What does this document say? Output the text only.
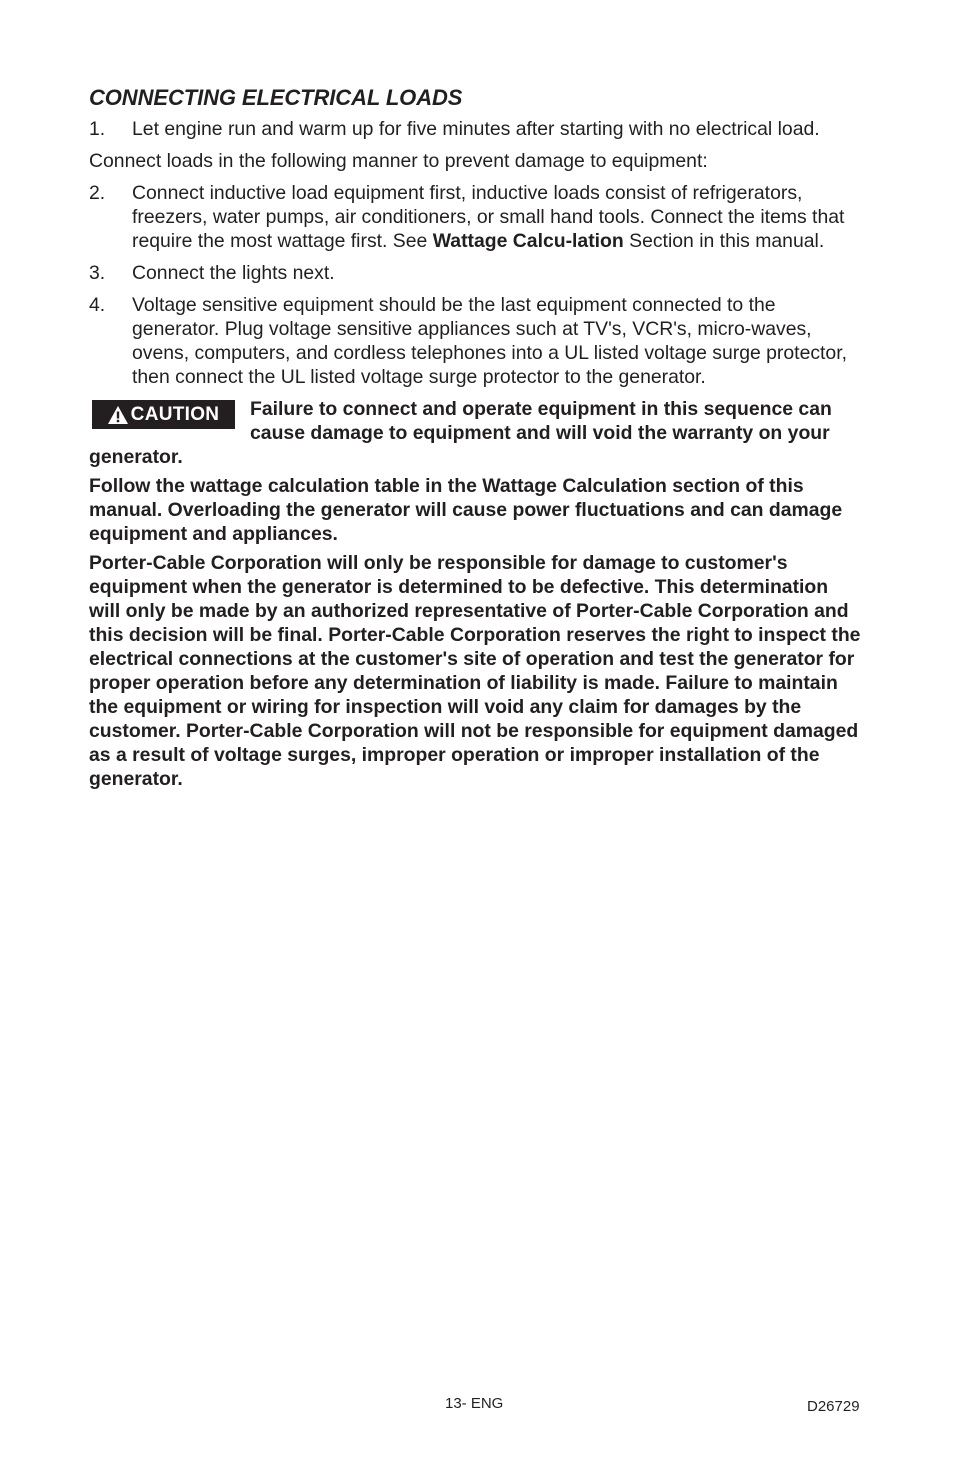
CONNECTING ELECTRICAL LOADS
1.	Let engine run and warm up for five minutes after starting with no electrical load.

Connect loads in the following manner to prevent damage to equipment:

2.	Connect inductive load equipment first, inductive loads consist of refrigerators, freezers, water pumps, air conditioners, or small hand tools. Connect the items that require the most wattage first. See Wattage Calcu-lation Section in this manual.
3.	Connect the lights next.
4.	Voltage sensitive equipment should be the last equipment connected to the generator. Plug voltage sensitive appliances such at TV's, VCR's, micro-waves, ovens, computers, and cordless telephones into a UL listed voltage surge protector, then connect the UL listed voltage surge protector to the generator.
CAUTION Failure to connect and operate equipment in this sequence can cause damage to equipment and will void the warranty on your generator.

Follow the wattage calculation table in the Wattage Calculation section of this manual. Overloading the generator will cause power fluctuations and can damage equipment and appliances.

Porter-Cable Corporation will only be responsible for damage to customer's equipment when the generator is determined to be defective. This determination will only be made by an authorized representative of Porter-Cable Corporation and this decision will be final. Porter-Cable Corporation reserves the right to inspect the electrical connections at the customer's site of operation and test the generator for proper operation before any determination of liability is made. Failure to maintain the equipment or wiring for inspection will void any claim for damages by the customer. Porter-Cable Corporation will not be responsible for equipment damaged as a result of voltage surges, improper operation or improper installation of the generator.

13- ENG	D26729
